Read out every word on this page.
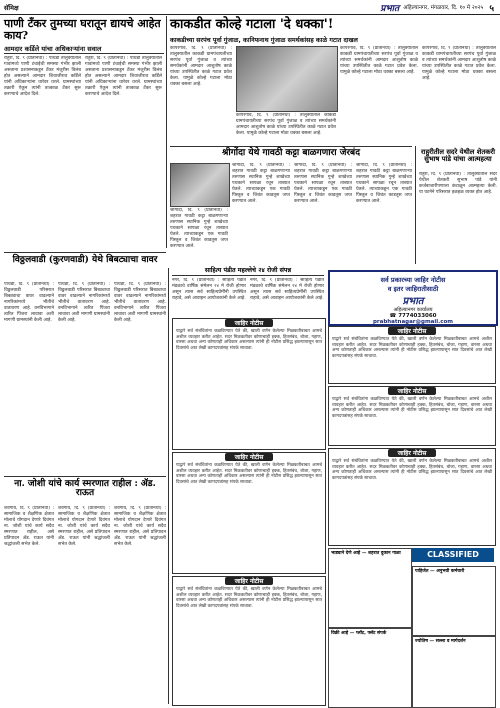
सॅमिक्ष	प्रभात अहिल्यानगर, मंगळवार, दि. १० मे २०२५ ५
पाणी टँकर तुमच्या घरातून द्यायचे आहेत काय?
आमदार कर्डिले यांचा अधिकाऱ्यांना सवाल
राहुरी, दि. ९ (प्रतिनिधी) : पाथर्डी तालुक्यातील गावांमध्ये पाणी टंचाईची समस्या गंभीर झाली असताना प्रशासनाकडून टँकर मंजुरीस विलंब होत असल्याने आमदार शिवाजीराव कर्डिले यांनी अधिकाऱ्यांना धारेवर धरले. ग्रामस्थांच्या तक्रारी ऐकून त्यांनी तात्काळ टँकर सुरू करण्याचे आदेश दिले.
राहुरी, दि. ९ (प्रतिनिधी) : पाथर्डी तालुक्यातील गावांमध्ये पाणी टंचाईची समस्या गंभीर झाली असताना प्रशासनाकडून टँकर मंजुरीस विलंब होत असल्याने आमदार शिवाजीराव कर्डिले यांनी अधिकाऱ्यांना धारेवर धरले. ग्रामस्थांच्या तक्रारी ऐकून त्यांनी तात्काळ टँकर सुरू करण्याचे आदेश दिले.
काकडीत कोल्हे गटाला 'दे धक्का'!
काकडीच्या सरपंच पूर्वा गुंजाळ, कानिफनाथ गुंजाळ समर्थकांसह काळे गटात दाखल
कोपरगाव, दि. ९ (प्रतिनिधी) : तालुक्यातील काकडी ग्रामपंचायतीच्या सरपंच पूर्वा गुंजाळ व त्यांच्या समर्थकांनी आमदार आशुतोष काळे यांच्या उपस्थितीत काळे गटात प्रवेश केला. यामुळे कोल्हे गटाला मोठा धक्का बसला आहे.
कोपरगाव, दि. ९ (प्रतिनिधी) : तालुक्यातील काकडी ग्रामपंचायतीच्या सरपंच पूर्वा गुंजाळ व त्यांच्या समर्थकांनी आमदार आशुतोष काळे यांच्या उपस्थितीत काळे गटात प्रवेश केला. यामुळे कोल्हे गटाला मोठा धक्का बसला आहे.
कोपरगाव, दि. ९ (प्रतिनिधी) : तालुक्यातील काकडी ग्रामपंचायतीच्या सरपंच पूर्वा गुंजाळ व त्यांच्या समर्थकांनी आमदार आशुतोष काळे यांच्या उपस्थितीत काळे गटात प्रवेश केला. यामुळे कोल्हे गटाला मोठा धक्का बसला आहे.
कोपरगाव, दि. ९ (प्रतिनिधी) : तालुक्यातील काकडी ग्रामपंचायतीच्या सरपंच पूर्वा गुंजाळ व त्यांच्या समर्थकांनी आमदार आशुतोष काळे यांच्या उपस्थितीत काळे गटात प्रवेश केला. यामुळे कोल्हे गटाला मोठा धक्का बसला आहे.
श्रीगोंदा येथे गावठी कट्टा बाळगणारा जेरबंद
श्रीगोंदा, दि. ९ (प्रतिनिधी) : शहरात गावठी कट्टा बाळगणाऱ्या तरुणास स्थानिक गुन्हे शाखेच्या पथकाने सापळा रचून ताब्यात घेतले. त्याच्याकडून एक गावठी पिस्तूल व जिवंत काडतूस जप्त करण्यात आले.
श्रीगोंदा, दि. ९ (प्रतिनिधी) : शहरात गावठी कट्टा बाळगणाऱ्या तरुणास स्थानिक गुन्हे शाखेच्या पथकाने सापळा रचून ताब्यात घेतले. त्याच्याकडून एक गावठी पिस्तूल व जिवंत काडतूस जप्त करण्यात आले.
श्रीगोंदा, दि. ९ (प्रतिनिधी) : शहरात गावठी कट्टा बाळगणाऱ्या तरुणास स्थानिक गुन्हे शाखेच्या पथकाने सापळा रचून ताब्यात घेतले. त्याच्याकडून एक गावठी पिस्तूल व जिवंत काडतूस जप्त करण्यात आले.
श्रीगोंदा, दि. ९ (प्रतिनिधी) : शहरात गावठी कट्टा बाळगणाऱ्या तरुणास स्थानिक गुन्हे शाखेच्या पथकाने सापळा रचून ताब्यात घेतले. त्याच्याकडून एक गावठी पिस्तूल व जिवंत काडतूस जप्त करण्यात आले.
राहुरीतील सदरे येथील शेतकरी सुभाष पांडे यांचा आत्महत्या
राहुरी, दि. ९ (प्रतिनिधी) : तालुक्यातील सदरे येथील शेतकरी सुभाष पांडे यांनी कर्जबाजारीपणाला कंटाळून आत्महत्या केली. या घटनेने परिसरात हळहळ व्यक्त होत आहे.
विठ्ठलवाडी (कुरणवाडी) येथे बिबट्याचा वावर
पाथर्डी, दि. ९ (प्रतिनिधी) : विठ्ठलवाडी परिसरात बिबट्याचा वावर वाढल्याने नागरिकांमध्ये भीतीचे वातावरण आहे. वनविभागाने त्वरित पिंजरा लावावा अशी मागणी ग्रामस्थांनी केली आहे.
पाथर्डी, दि. ९ (प्रतिनिधी) : विठ्ठलवाडी परिसरात बिबट्याचा वावर वाढल्याने नागरिकांमध्ये भीतीचे वातावरण आहे. वनविभागाने त्वरित पिंजरा लावावा अशी मागणी ग्रामस्थांनी केली आहे.
पाथर्डी, दि. ९ (प्रतिनिधी) : विठ्ठलवाडी परिसरात बिबट्याचा वावर वाढल्याने नागरिकांमध्ये भीतीचे वातावरण आहे. वनविभागाने त्वरित पिंजरा लावावा अशी मागणी ग्रामस्थांनी केली आहे.
ना. जोशी यांचे कार्य स्मरणात राहील : ॲड. राऊत
शेवगाव, दि. ९ (प्रतिनिधी) : सामाजिक व शैक्षणिक क्षेत्रात मोलाचे योगदान देणारे दिवंगत ना. जोशी यांचे कार्य सदैव स्मरणात राहील, असे प्रतिपादन ॲड. राऊत यांनी श्रद्धांजली सभेत केले.
शेवगाव, दि. ९ (प्रतिनिधी) : सामाजिक व शैक्षणिक क्षेत्रात मोलाचे योगदान देणारे दिवंगत ना. जोशी यांचे कार्य सदैव स्मरणात राहील, असे प्रतिपादन ॲड. राऊत यांनी श्रद्धांजली सभेत केले.
शेवगाव, दि. ९ (प्रतिनिधी) : सामाजिक व शैक्षणिक क्षेत्रात मोलाचे योगदान देणारे दिवंगत ना. जोशी यांचे कार्य सदैव स्मरणात राहील, असे प्रतिपादन ॲड. राऊत यांनी श्रद्धांजली सभेत केले.
साहित्य पंडीत महल्लेचे २४ रोजी संपन्न
नगर, दि. ९ (प्रतिनिधी) : साहित्य पंडीत मंडळाचे वार्षिक संमेलन २४ मे रोजी होणार असून त्यास सर्व साहित्यप्रेमींनी उपस्थित राहावे, असे आवाहन आयोजकांनी केले आहे.
नगर, दि. ९ (प्रतिनिधी) : साहित्य पंडीत मंडळाचे वार्षिक संमेलन २४ मे रोजी होणार असून त्यास सर्व साहित्यप्रेमींनी उपस्थित राहावे, असे आवाहन आयोजकांनी केले आहे.
जाहिर नोटीस
याद्वारे सर्व संबंधितांना कळविण्यात येते की, खाली वर्णन केलेल्या मिळकतीबाबत आमचे अशील व्यवहार करीत आहेत. सदर मिळकतीवर कोणाचाही हक्क, हितसंबंध, बोजा, गहाण, वारसा अथवा अन्य कोणताही अधिकार असल्यास त्यांनी ही नोटीस प्रसिद्ध झाल्यापासून सात दिवसांचे आत लेखी कागदपत्रांसह संपर्क साधावा.
जाहिर नोटीस
याद्वारे सर्व संबंधितांना कळविण्यात येते की, खाली वर्णन केलेल्या मिळकतीबाबत आमचे अशील व्यवहार करीत आहेत. सदर मिळकतीवर कोणाचाही हक्क, हितसंबंध, बोजा, गहाण, वारसा अथवा अन्य कोणताही अधिकार असल्यास त्यांनी ही नोटीस प्रसिद्ध झाल्यापासून सात दिवसांचे आत लेखी कागदपत्रांसह संपर्क साधावा.
जाहिर नोटीस
याद्वारे सर्व संबंधितांना कळविण्यात येते की, खाली वर्णन केलेल्या मिळकतीबाबत आमचे अशील व्यवहार करीत आहेत. सदर मिळकतीवर कोणाचाही हक्क, हितसंबंध, बोजा, गहाण, वारसा अथवा अन्य कोणताही अधिकार असल्यास त्यांनी ही नोटीस प्रसिद्ध झाल्यापासून सात दिवसांचे आत लेखी कागदपत्रांसह संपर्क साधावा.
सर्व प्रकारच्या जाहिर नोटीस
व इतर जाहिरातीसाठी
प्रभात
अहिल्यानगर कार्यालय
☎ 7774033060
prabhatnagar@gmail.com
जाहिर नोटीस
याद्वारे सर्व संबंधितांना कळविण्यात येते की, खाली वर्णन केलेल्या मिळकतीबाबत आमचे अशील व्यवहार करीत आहेत. सदर मिळकतीवर कोणाचाही हक्क, हितसंबंध, बोजा, गहाण, वारसा अथवा अन्य कोणताही अधिकार असल्यास त्यांनी ही नोटीस प्रसिद्ध झाल्यापासून सात दिवसांचे आत लेखी कागदपत्रांसह संपर्क साधावा.
जाहिर नोटीस
याद्वारे सर्व संबंधितांना कळविण्यात येते की, खाली वर्णन केलेल्या मिळकतीबाबत आमचे अशील व्यवहार करीत आहेत. सदर मिळकतीवर कोणाचाही हक्क, हितसंबंध, बोजा, गहाण, वारसा अथवा अन्य कोणताही अधिकार असल्यास त्यांनी ही नोटीस प्रसिद्ध झाल्यापासून सात दिवसांचे आत लेखी कागदपत्रांसह संपर्क साधावा.
जाहिर नोटीस
याद्वारे सर्व संबंधितांना कळविण्यात येते की, खाली वर्णन केलेल्या मिळकतीबाबत आमचे अशील व्यवहार करीत आहेत. सदर मिळकतीवर कोणाचाही हक्क, हितसंबंध, बोजा, गहाण, वारसा अथवा अन्य कोणताही अधिकार असल्यास त्यांनी ही नोटीस प्रसिद्ध झाल्यापासून सात दिवसांचे आत लेखी कागदपत्रांसह संपर्क साधावा.
CLASSIFIED
भाड्याने देणे आहे — शहरात दुकान गाळा
विक्री आहे — प्लॉट, फ्लॅट संपर्क
पाहिजेत — अनुभवी कर्मचारी
ज्योतिष — सल्ला व मार्गदर्शन
